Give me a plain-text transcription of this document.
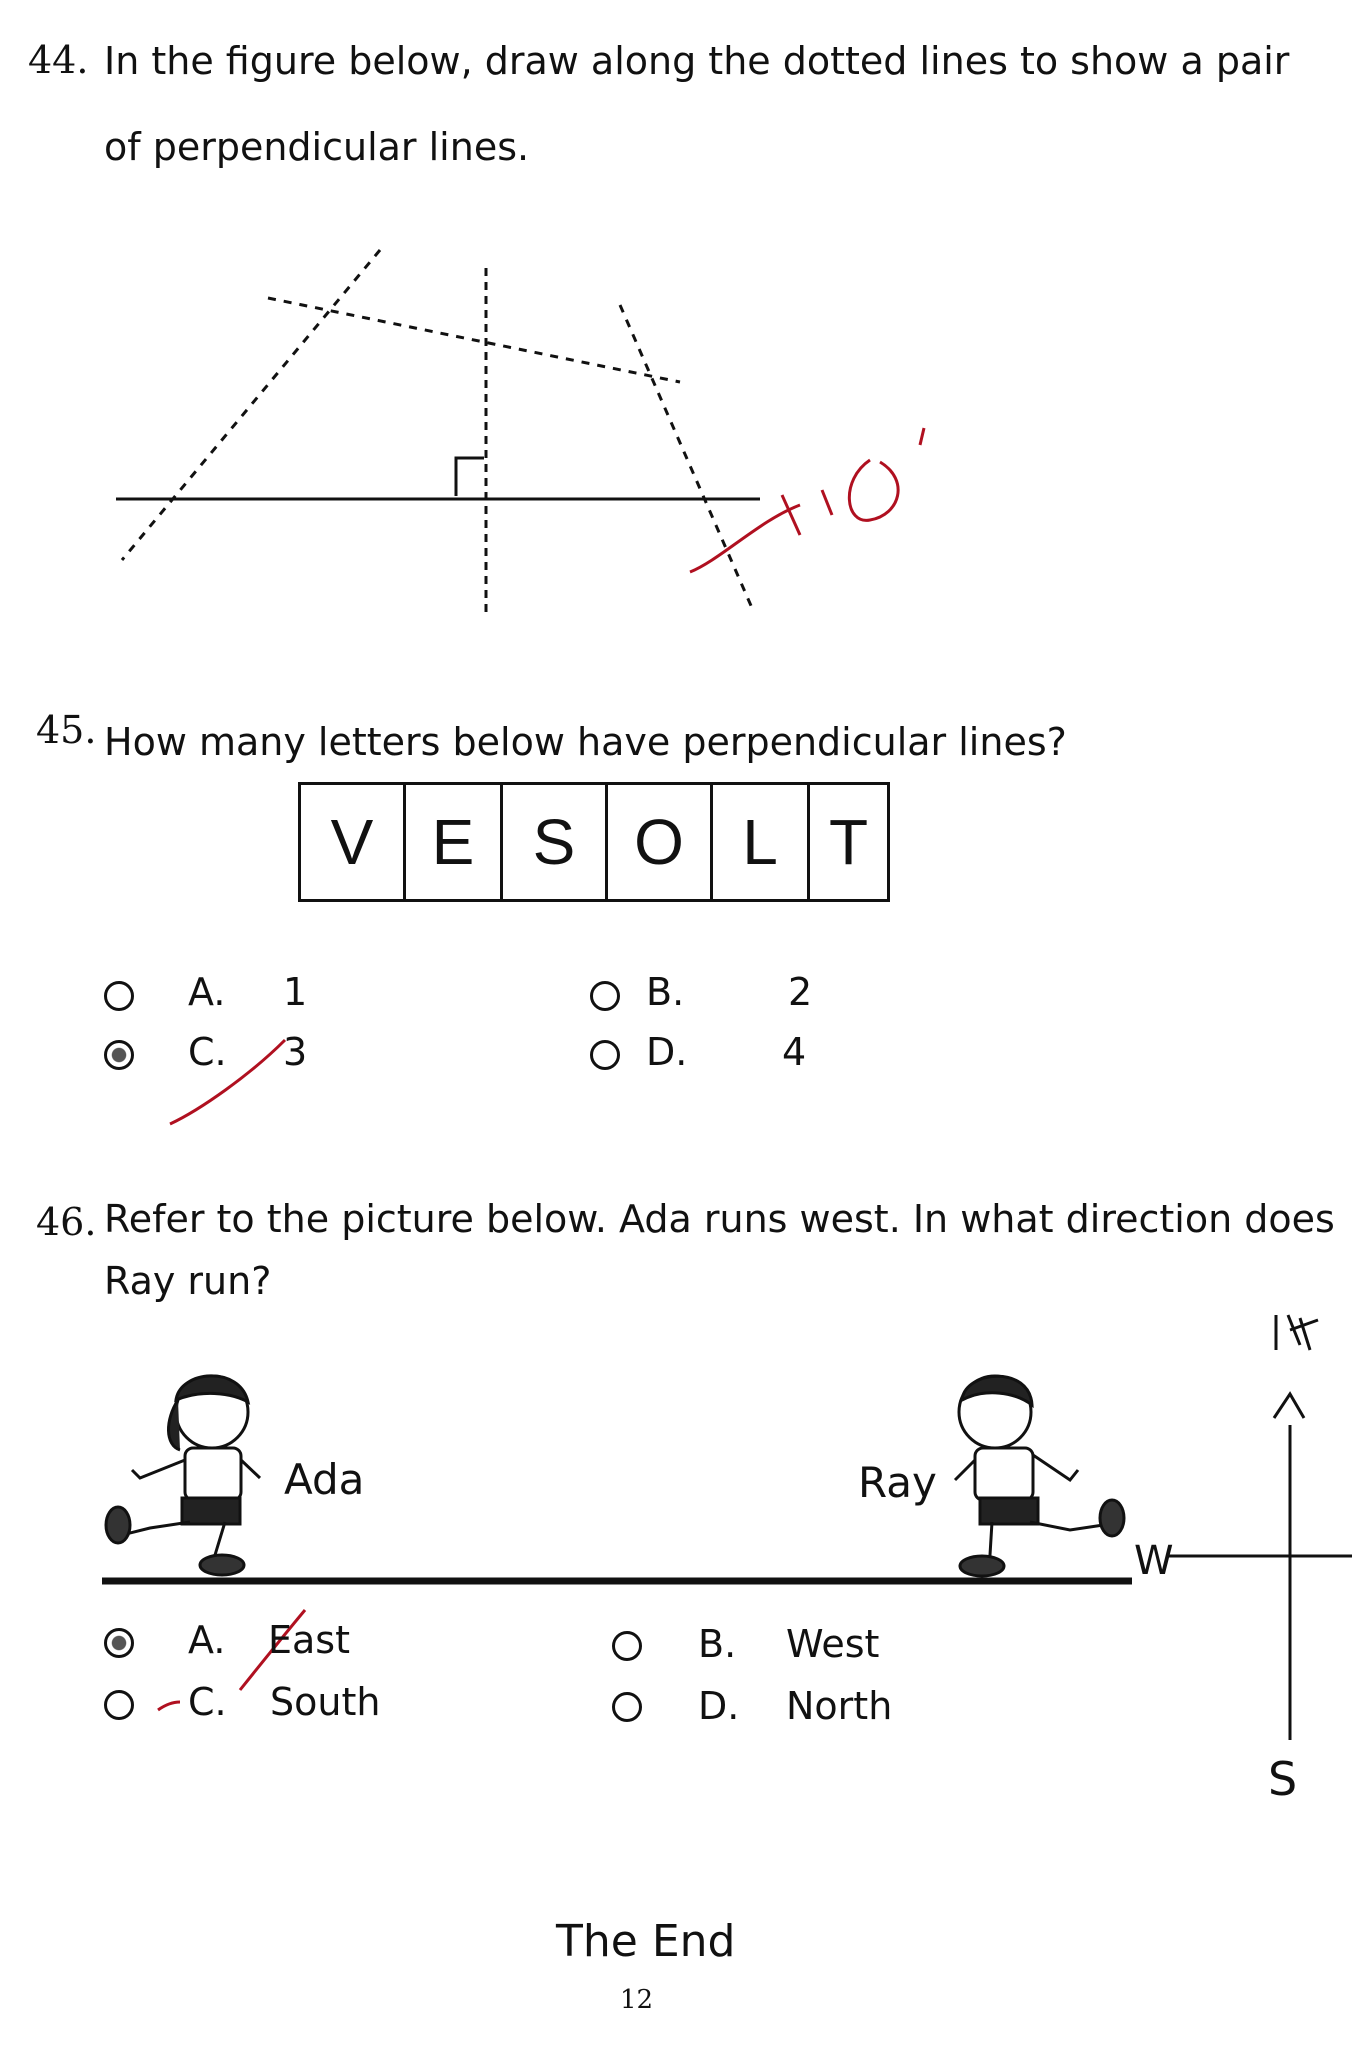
44. In the figure below, draw along the dotted lines to show a pair
of perpendicular lines.
45. How many letters below have perpendicular lines?
V E S O L T
A. 1	B.	2
C. 3	D. 4
46. Refer to the picture below. Ada runs west. In what direction does
Ray run?
Ada	Ray
W
S
A. East	B. West
C. South	D. North
The End
12
